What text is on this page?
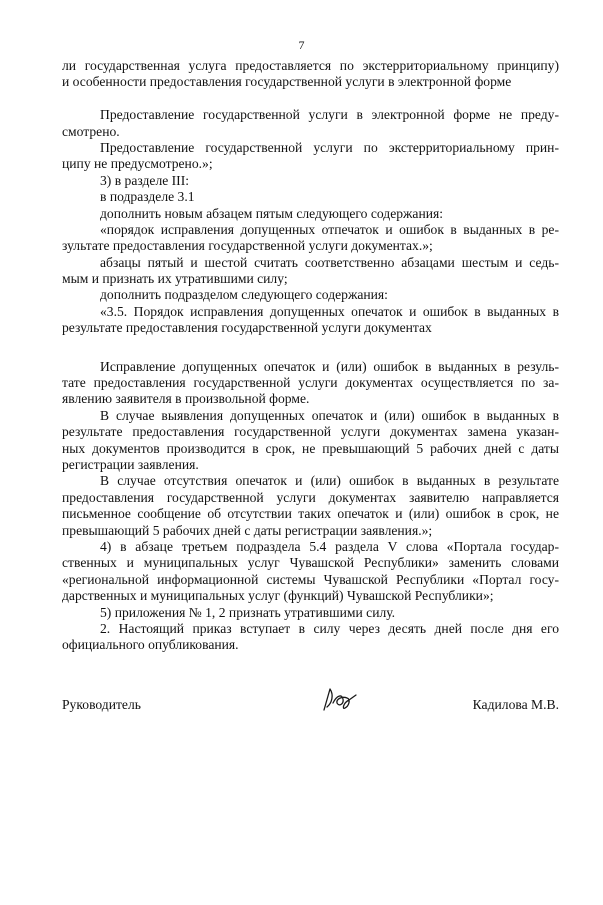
7
ли государственная услуга предоставляется по экстерриториальному принципу)
и особенности предоставления государственной услуги в электронной форме
Предоставление государственной услуги в электронной форме не преду-
смотрено.
Предоставление государственной услуги по экстерриториальному прин-
ципу не предусмотрено.»;
3) в разделе III:
в подразделе 3.1
дополнить новым абзацем пятым следующего содержания:
«порядок исправления допущенных отпечаток и ошибок в выданных в ре-
зультате предоставления государственной услуги документах.»;
абзацы пятый и шестой считать соответственно абзацами шестым и седь-
мым и признать их утратившими силу;
дополнить подразделом следующего содержания:
«3.5. Порядок исправления допущенных опечаток и ошибок в выданных в
результате предоставления государственной услуги документах
Исправление допущенных опечаток и (или) ошибок в выданных в резуль-
тате предоставления государственной услуги документах осуществляется по за-
явлению заявителя в произвольной форме.
В случае выявления допущенных опечаток и (или) ошибок в выданных в
результате предоставления государственной услуги документах замена указан-
ных документов производится в срок, не превышающий 5 рабочих дней с даты
регистрации заявления.
В случае отсутствия опечаток и (или) ошибок в выданных в результате
предоставления государственной услуги документах заявителю направляется
письменное сообщение об отсутствии таких опечаток и (или) ошибок в срок, не
превышающий 5 рабочих дней с даты регистрации заявления.»;
4) в абзаце третьем подраздела 5.4 раздела V слова «Портала государ-
ственных и муниципальных услуг Чувашской Республики» заменить словами
«региональной информационной системы Чувашской Республики «Портал госу-
дарственных и муниципальных услуг (функций) Чувашской Республики»;
5) приложения № 1, 2 признать утратившими силу.
2. Настоящий приказ вступает в силу через десять дней после дня его
официального опубликования.
Руководитель	Кадилова М.В.
